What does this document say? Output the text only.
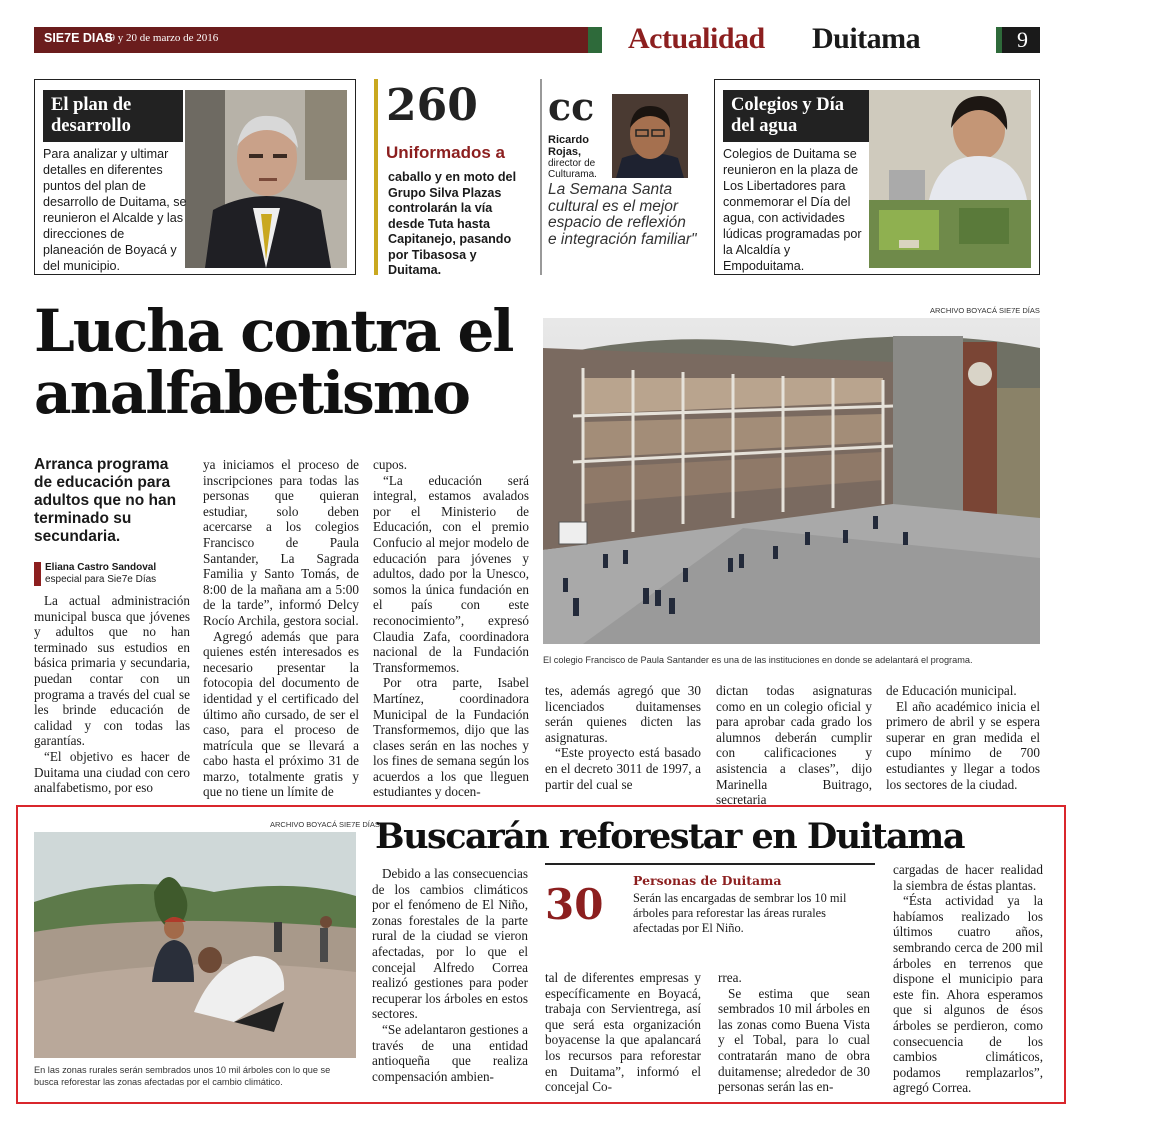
SIE7E DIAS
19 y 20 de marzo de 2016	Actualidad Duitama	9
El plan de desarrollo
Para analizar y ultimar detalles en diferentes puntos del plan de desarrollo de Duitama, se reunieron el Alcalde y las direcciones de planeación de Boyacá y del municipio.
260
Uniformados a
caballo y en moto del Grupo Silva Plazas controlarán la vía desde Tuta hasta Capitanejo, pasando por Tibasosa y Duitama.
cc
Ricardo Rojas,
director de Culturama.
La Semana Santa cultural es el mejor espacio de reflexión e integración familiar"
Colegios y Día del agua
Colegios de Duitama se reunieron en la plaza de Los Libertadores para conmemorar el Día del agua, con actividades lúdicas programadas por la Alcaldía y Empoduitama.
ARCHIVO BOYACÁ SIE7E DÍAS
Lucha contra el analfabetismo
El colegio Francisco de Paula Santander es una de las instituciones en donde se adelantará el programa.
Arranca programa de educación para adultos que no han terminado su secundaria.
Eliana Castro Sandoval
especial para Sie7e Días

La actual administración municipal busca que jóvenes y adultos que no han terminado sus estudios en básica primaria y secundaria, puedan contar con un programa a través del cual se les brinde educación de calidad y con todas las garantías.

“El objetivo es hacer de Duitama una ciudad con cero analfabetismo, por eso

ya iniciamos el proceso de inscripciones para todas las personas que quieran estudiar, solo deben acercarse a los colegios Francisco de Paula Santander, La Sagrada Familia y Santo Tomás, de 8:00 de la mañana am a 5:00 de la tarde”, informó Delcy Rocío Archila, gestora social.

Agregó además que para quienes estén interesados es necesario presentar la fotocopia del documento de identidad y el certificado del último año cursado, de ser el caso, para el proceso de matrícula que se llevará a cabo hasta el próximo 31 de marzo, totalmente gratis y que no tiene un límite de

cupos.

“La educación será integral, estamos avalados por el Ministerio de Educación, con el premio Confucio al mejor modelo de educación para jóvenes y adultos, dado por la Unesco, somos la única fundación en el país con este reconocimiento”, expresó Claudia Zafa, coordinadora nacional de la Fundación Transformemos.

Por otra parte, Isabel Martínez, coordinadora Municipal de la Fundación Transformemos, dijo que las clases serán en las noches y los fines de semana según los acuerdos a los que lleguen estudiantes y docen-

tes, además agregó que 30 licenciados duitamenses serán quienes dicten las asignaturas.

“Este proyecto está basado en el decreto 3011 de 1997, a partir del cual se

dictan todas asignaturas como en un colegio oficial y para aprobar cada grado los alumnos deberán cumplir con calificaciones y asistencia a clases”, dijo Marinella Buitrago, secretaria

de Educación municipal.

El año académico inicia el primero de abril y se espera superar en gran medida el cupo mínimo de 700 estudiantes y llegar a todos los sectores de la ciudad.

ARCHIVO BOYACÁ SIE7E DÍAS
En las zonas rurales serán sembrados unos 10 mil árboles con lo que se busca reforestar las zonas afectadas por el cambio climático.
Buscarán reforestar en Duitama
30 Personas de Duitama
Serán las encargadas de sembrar los 10 mil árboles para reforestar las áreas rurales afectadas por El Niño.

Debido a las consecuencias de los cambios climáticos por el fenómeno de El Niño, zonas forestales de la parte rural de la ciudad se vieron afectadas, por lo que el concejal Alfredo Correa realizó gestiones para poder recuperar los árboles en estos sectores.

“Se adelantaron gestiones a través de una entidad antioqueña que realiza compensación ambien-

tal de diferentes empresas y específicamente en Boyacá, trabaja con Servientrega, así que será esta organización boyacense la que apalancará los recursos para reforestar en Duitama”, informó el concejal Co-

rrea.

Se estima que sean sembrados 10 mil árboles en las zonas como Buena Vista y el Tobal, para lo cual contratarán mano de obra duitamense; alrededor de 30 personas serán las en-

cargadas de hacer realidad la siembra de éstas plantas.

“Ésta actividad ya la habíamos realizado los últimos cuatro años, sembrando cerca de 200 mil árboles en terrenos que dispone el municipio para este fin. Ahora esperamos que si algunos de ésos árboles se perdieron, como consecuencia de los cambios climáticos, podamos remplazarlos”, agregó Correa.
